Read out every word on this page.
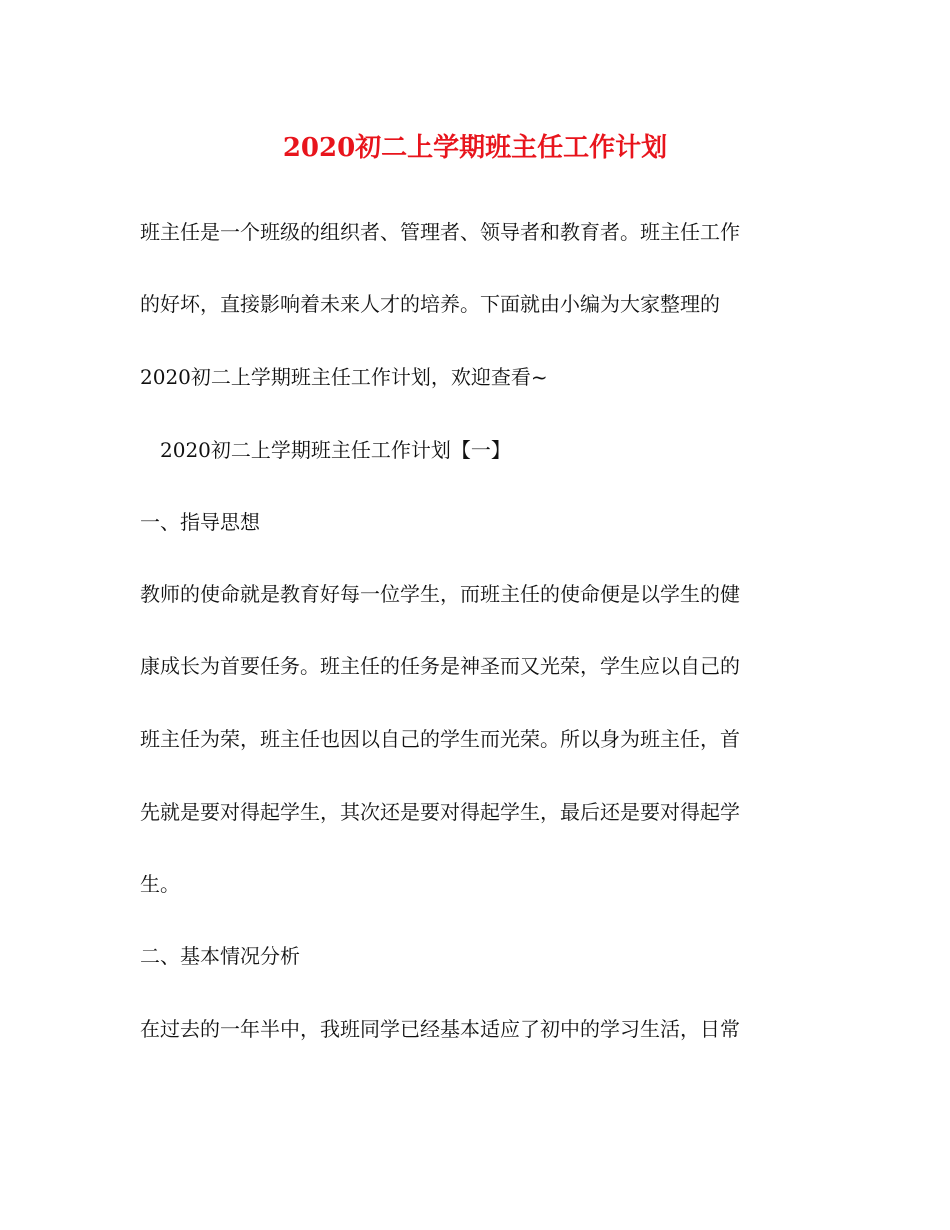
2020初二上学期班主任工作计划
班主任是一个班级的组织者、管理者、领导者和教育者。班主任工作
的好坏，直接影响着未来人才的培养。下面就由小编为大家整理的
2020初二上学期班主任工作计划，欢迎查看~
2020初二上学期班主任工作计划【一】
一、指导思想
教师的使命就是教育好每一位学生，而班主任的使命便是以学生的健
康成长为首要任务。班主任的任务是神圣而又光荣，学生应以自己的
班主任为荣，班主任也因以自己的学生而光荣。所以身为班主任，首
先就是要对得起学生，其次还是要对得起学生，最后还是要对得起学
生。
二、基本情况分析
在过去的一年半中，我班同学已经基本适应了初中的学习生活，日常
